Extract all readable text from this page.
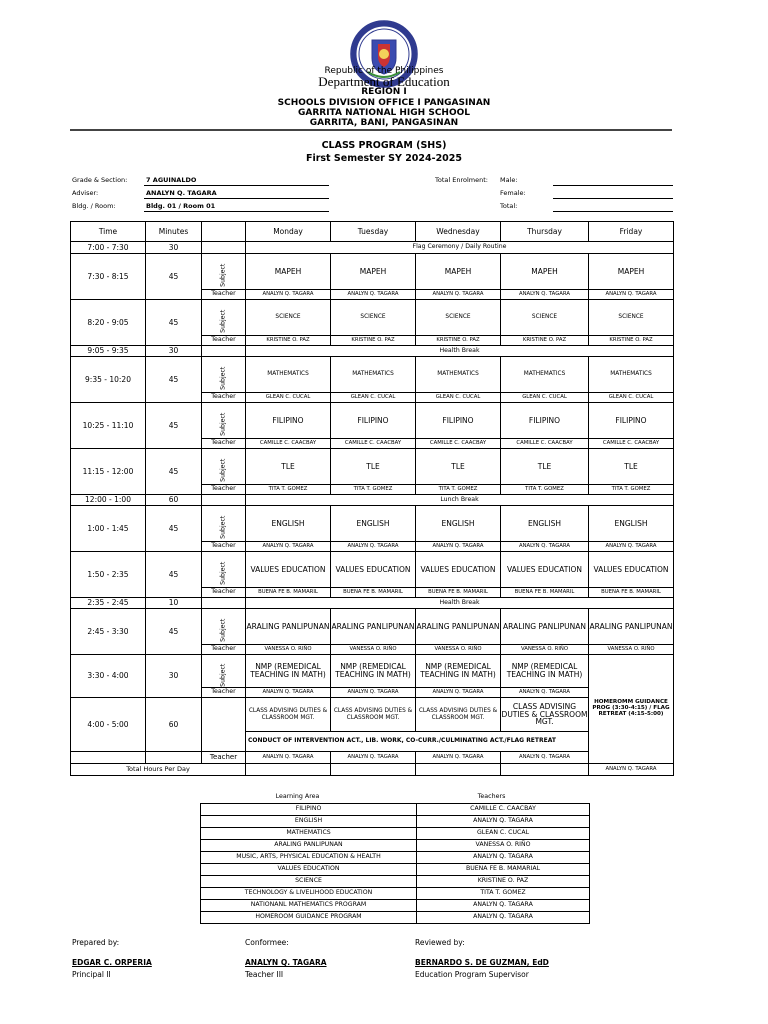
Republic of the Philippines
Department of Education
REGION I
SCHOOLS DIVISION OFFICE I PANGASINAN
GARRITA NATIONAL HIGH SCHOOL
GARRITA, BANI, PANGASINAN
CLASS PROGRAM (SHS)
First Semester SY 2024-2025
Grade & Section:	7 AGUINALDO
Adviser:	ANALYN Q. TAGARA
Bldg. / Room:	Bldg. 01 / Room 01
Total Enrolment: Male:
Female:
Total:
Time	Minutes		Monday	Tuesday	Wednesday	Thursday	Friday
7:00 - 7:30	30		Flag Ceremony / Daily Routine				
7:30 - 8:15	45	Subject	MAPEH	MAPEH	MAPEH	MAPEH	MAPEH
		Teacher	ANALYN Q. TAGARA	ANALYN Q. TAGARA	ANALYN Q. TAGARA	ANALYN Q. TAGARA	ANALYN Q. TAGARA
8:20 - 9:05	45	Subject	SCIENCE	SCIENCE	SCIENCE	SCIENCE	SCIENCE
		Teacher	KRISTINE O. PAZ	KRISTINE O. PAZ	KRISTINE O. PAZ	KRISTINE O. PAZ	KRISTINE O. PAZ
9:05 - 9:35	30		Health Break				
9:35 - 10:20	45	Subject	MATHEMATICS	MATHEMATICS	MATHEMATICS	MATHEMATICS	MATHEMATICS
		Teacher	GLEAN C. CUCAL	GLEAN C. CUCAL	GLEAN C. CUCAL	GLEAN C. CUCAL	GLEAN C. CUCAL
10:25 - 11:10	45	Subject	FILIPINO	FILIPINO	FILIPINO	FILIPINO	FILIPINO
		Teacher	CAMILLE C. CAACBAY	CAMILLE C. CAACBAY	CAMILLE C. CAACBAY	CAMILLE C. CAACBAY	CAMILLE C. CAACBAY
11:15 - 12:00	45	Subject	TLE	TLE	TLE	TLE	TLE
		Teacher	TITA T. GOMEZ	TITA T. GOMEZ	TITA T. GOMEZ	TITA T. GOMEZ	TITA T. GOMEZ
12:00 - 1:00	60		Lunch Break				
1:00 - 1:45	45	Subject	ENGLISH	ENGLISH	ENGLISH	ENGLISH	ENGLISH
		Teacher	ANALYN Q. TAGARA	ANALYN Q. TAGARA	ANALYN Q. TAGARA	ANALYN Q. TAGARA	ANALYN Q. TAGARA
1:50 - 2:35	45	Subject	VALUES EDUCATION	VALUES EDUCATION	VALUES EDUCATION	VALUES EDUCATION	VALUES EDUCATION
		Teacher	BUENA FE B. MAMARIL	BUENA FE B. MAMARIL	BUENA FE B. MAMARIL	BUENA FE B. MAMARIL	BUENA FE B. MAMARIL
2:35 - 2:45	10		Health Break				
2:45 - 3:30	45	Subject	ARALING PANLIPUNAN	ARALING PANLIPUNAN	ARALING PANLIPUNAN	ARALING PANLIPUNAN	ARALING PANLIPUNAN
		Teacher	VANESSA O. RIÑO	VANESSA O. RIÑO	VANESSA O. RIÑO	VANESSA O. RIÑO	VANESSA O. RIÑO
3:30 - 4:00	30	Subject	NMP (REMEDICAL TEACHING IN MATH)	NMP (REMEDICAL TEACHING IN MATH)	NMP (REMEDICAL TEACHING IN MATH)	NMP (REMEDICAL TEACHING IN MATH)	HOMEROMM GUIDANCE PROG (3:30-4:15) / FLAG RETREAT (4:15-5:00)
		Teacher	ANALYN Q. TAGARA	ANALYN Q. TAGARA	ANALYN Q. TAGARA	ANALYN Q. TAGARA	
4:00 - 5:00	60		CLASS ADVISING DUTIES & CLASSROOM MGT.	CLASS ADVISING DUTIES & CLASSROOM MGT.	CLASS ADVISING DUTIES & CLASSROOM MGT.	CLASS ADVISING DUTIES & CLASSROOM MGT.	
			CONDUCT OF INTERVENTION ACT., LIB. WORK, CO-CURR./CULMINATING ACT./FLAG RETREAT				
		Teacher	ANALYN Q. TAGARA	ANALYN Q. TAGARA	ANALYN Q. TAGARA	ANALYN Q. TAGARA	
Total Hours Per Day							ANALYN Q. TAGARA
Learning Area	Teachers
FILIPINO	CAMILLE C. CAACBAY
ENGLISH	ANALYN Q. TAGARA
MATHEMATICS	GLEAN C. CUCAL
ARALING PANLIPUNAN	VANESSA O. RIÑO
MUSIC, ARTS, PHYSICAL EDUCATION & HEALTH	ANALYN Q. TAGARA
VALUES EDUCATION	BUENA FE B. MAMARIAL
SCIENCE	KRISTINE O. PAZ
TECHNOLOGY & LIVELIHOOD EDUCATION	TITA T. GOMEZ
NATIONANL MATHEMATICS PROGRAM	ANALYN Q. TAGARA
HOMEROOM GUIDANCE PROGRAM	ANALYN Q. TAGARA
Prepared by:
EDGAR C. ORPERIA
Principal II
Conformee:
ANALYN Q. TAGARA
Teacher III
Reviewed by:
BERNARDO S. DE GUZMAN, EdD
Education Program Supervisor
